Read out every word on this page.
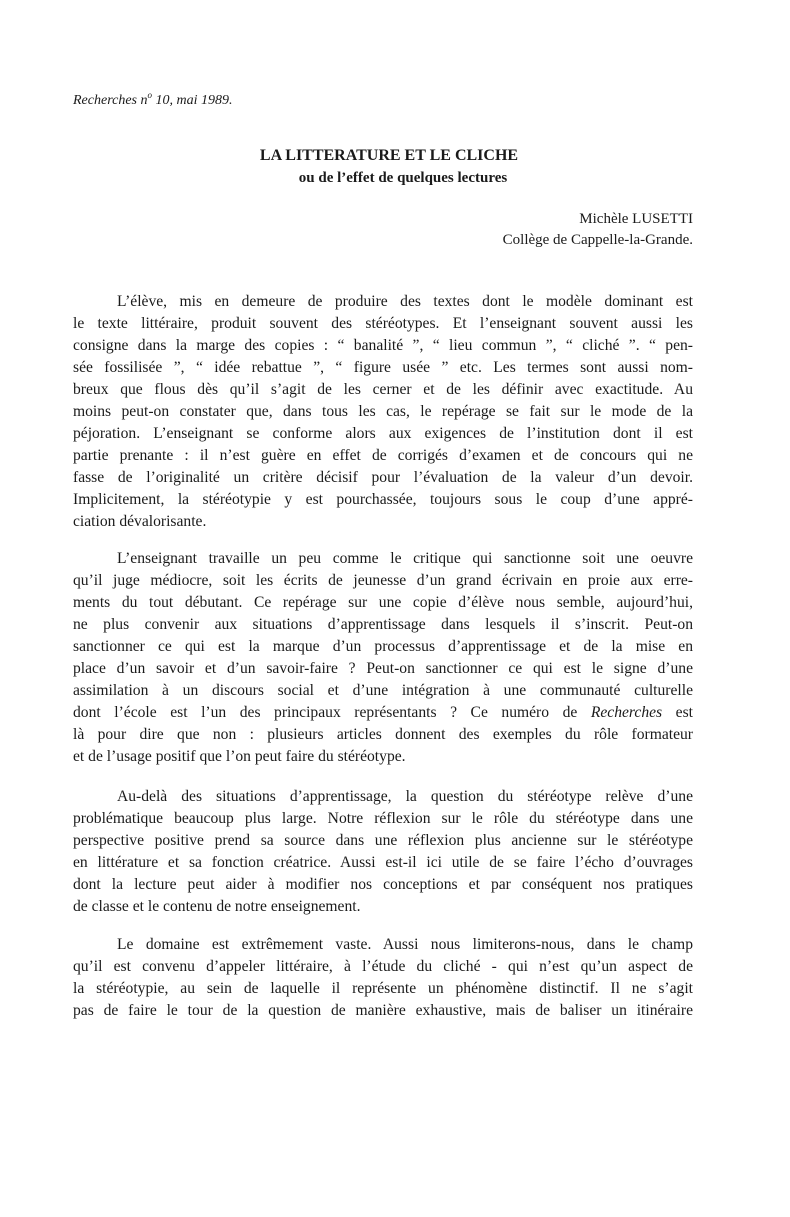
Recherches $n^o$ 10, mai 1989.
LA LITTERATURE ET LE CLICHE
ou de l’effet de quelques lectures
Michèle LUSETTI
Collège de Cappelle-la-Grande.
L’élève, mis en demeure de produire des textes dont le modèle dominant est
le texte littéraire, produit souvent des stéréotypes. Et l’enseignant souvent aussi les
consigne dans la marge des copies : “ banalité ”, “ lieu commun ”, “ cliché ”. “ pen-
sée fossilisée ”, “ idée rebattue ”, “ figure usée ” etc. Les termes sont aussi nom-
breux que flous dès qu’il s’agit de les cerner et de les définir avec exactitude. Au
moins peut-on constater que, dans tous les cas, le repérage se fait sur le mode de la
péjoration. L’enseignant se conforme alors aux exigences de l’institution dont il est
partie prenante : il n’est guère en effet de corrigés d’examen et de concours qui ne
fasse de l’originalité un critère décisif pour l’évaluation de la valeur d’un devoir.
Implicitement, la stéréotypie y est pourchassée, toujours sous le coup d’une appré-
ciation dévalorisante.
L’enseignant travaille un peu comme le critique qui sanctionne soit une oeuvre
qu’il juge médiocre, soit les écrits de jeunesse d’un grand écrivain en proie aux erre-
ments du tout débutant. Ce repérage sur une copie d’élève nous semble, aujourd’hui,
ne plus convenir aux situations d’apprentissage dans lesquels il s’inscrit. Peut-on
sanctionner ce qui est la marque d’un processus d’apprentissage et de la mise en
place d’un savoir et d’un savoir-faire ? Peut-on sanctionner ce qui est le signe d’une
assimilation à un discours social et d’une intégration à une communauté culturelle
dont l’école est l’un des principaux représentants ? Ce numéro de Recherches est
là pour dire que non : plusieurs articles donnent des exemples du rôle formateur
et de l’usage positif que l’on peut faire du stéréotype.
Au-delà des situations d’apprentissage, la question du stéréotype relève d’une
problématique beaucoup plus large. Notre réflexion sur le rôle du stéréotype dans une
perspective positive prend sa source dans une réflexion plus ancienne sur le stéréotype
en littérature et sa fonction créatrice. Aussi est-il ici utile de se faire l’écho d’ouvrages
dont la lecture peut aider à modifier nos conceptions et par conséquent nos pratiques
de classe et le contenu de notre enseignement.
Le domaine est extrêmement vaste. Aussi nous limiterons-nous, dans le champ
qu’il est convenu d’appeler littéraire, à l’étude du cliché - qui n’est qu’un aspect de
la stéréotypie, au sein de laquelle il représente un phénomène distinctif. Il ne s’agit
pas de faire le tour de la question de manière exhaustive, mais de baliser un itinéraire
